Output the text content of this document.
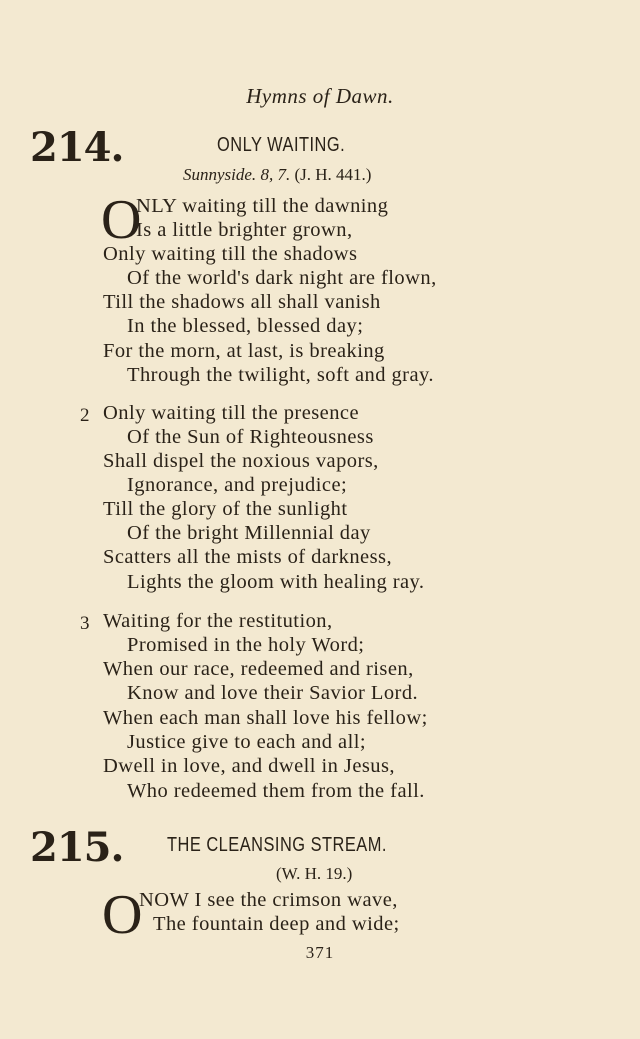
Hymns of Dawn.
214.	ONLY WAITING.
Sunnyside. 8, 7. (J. H. 441.)
O
NLY waiting till the dawning
Is a little brighter grown,
Only waiting till the shadows
Of the world's dark night are flown,
Till the shadows all shall vanish
In the blessed, blessed day;
For the morn, at last, is breaking
Through the twilight, soft and gray.
2 Only waiting till the presence
Of the Sun of Righteousness
Shall dispel the noxious vapors,
Ignorance, and prejudice;
Till the glory of the sunlight
Of the bright Millennial day
Scatters all the mists of darkness,
Lights the gloom with healing ray.
3 Waiting for the restitution,
Promised in the holy Word;
When our race, redeemed and risen,
Know and love their Savior Lord.
When each man shall love his fellow;
Justice give to each and all;
Dwell in love, and dwell in Jesus,
Who redeemed them from the fall.
215. THE CLEANSING STREAM.
(W. H. 19.)
O
NOW I see the crimson wave,
The fountain deep and wide;
371
